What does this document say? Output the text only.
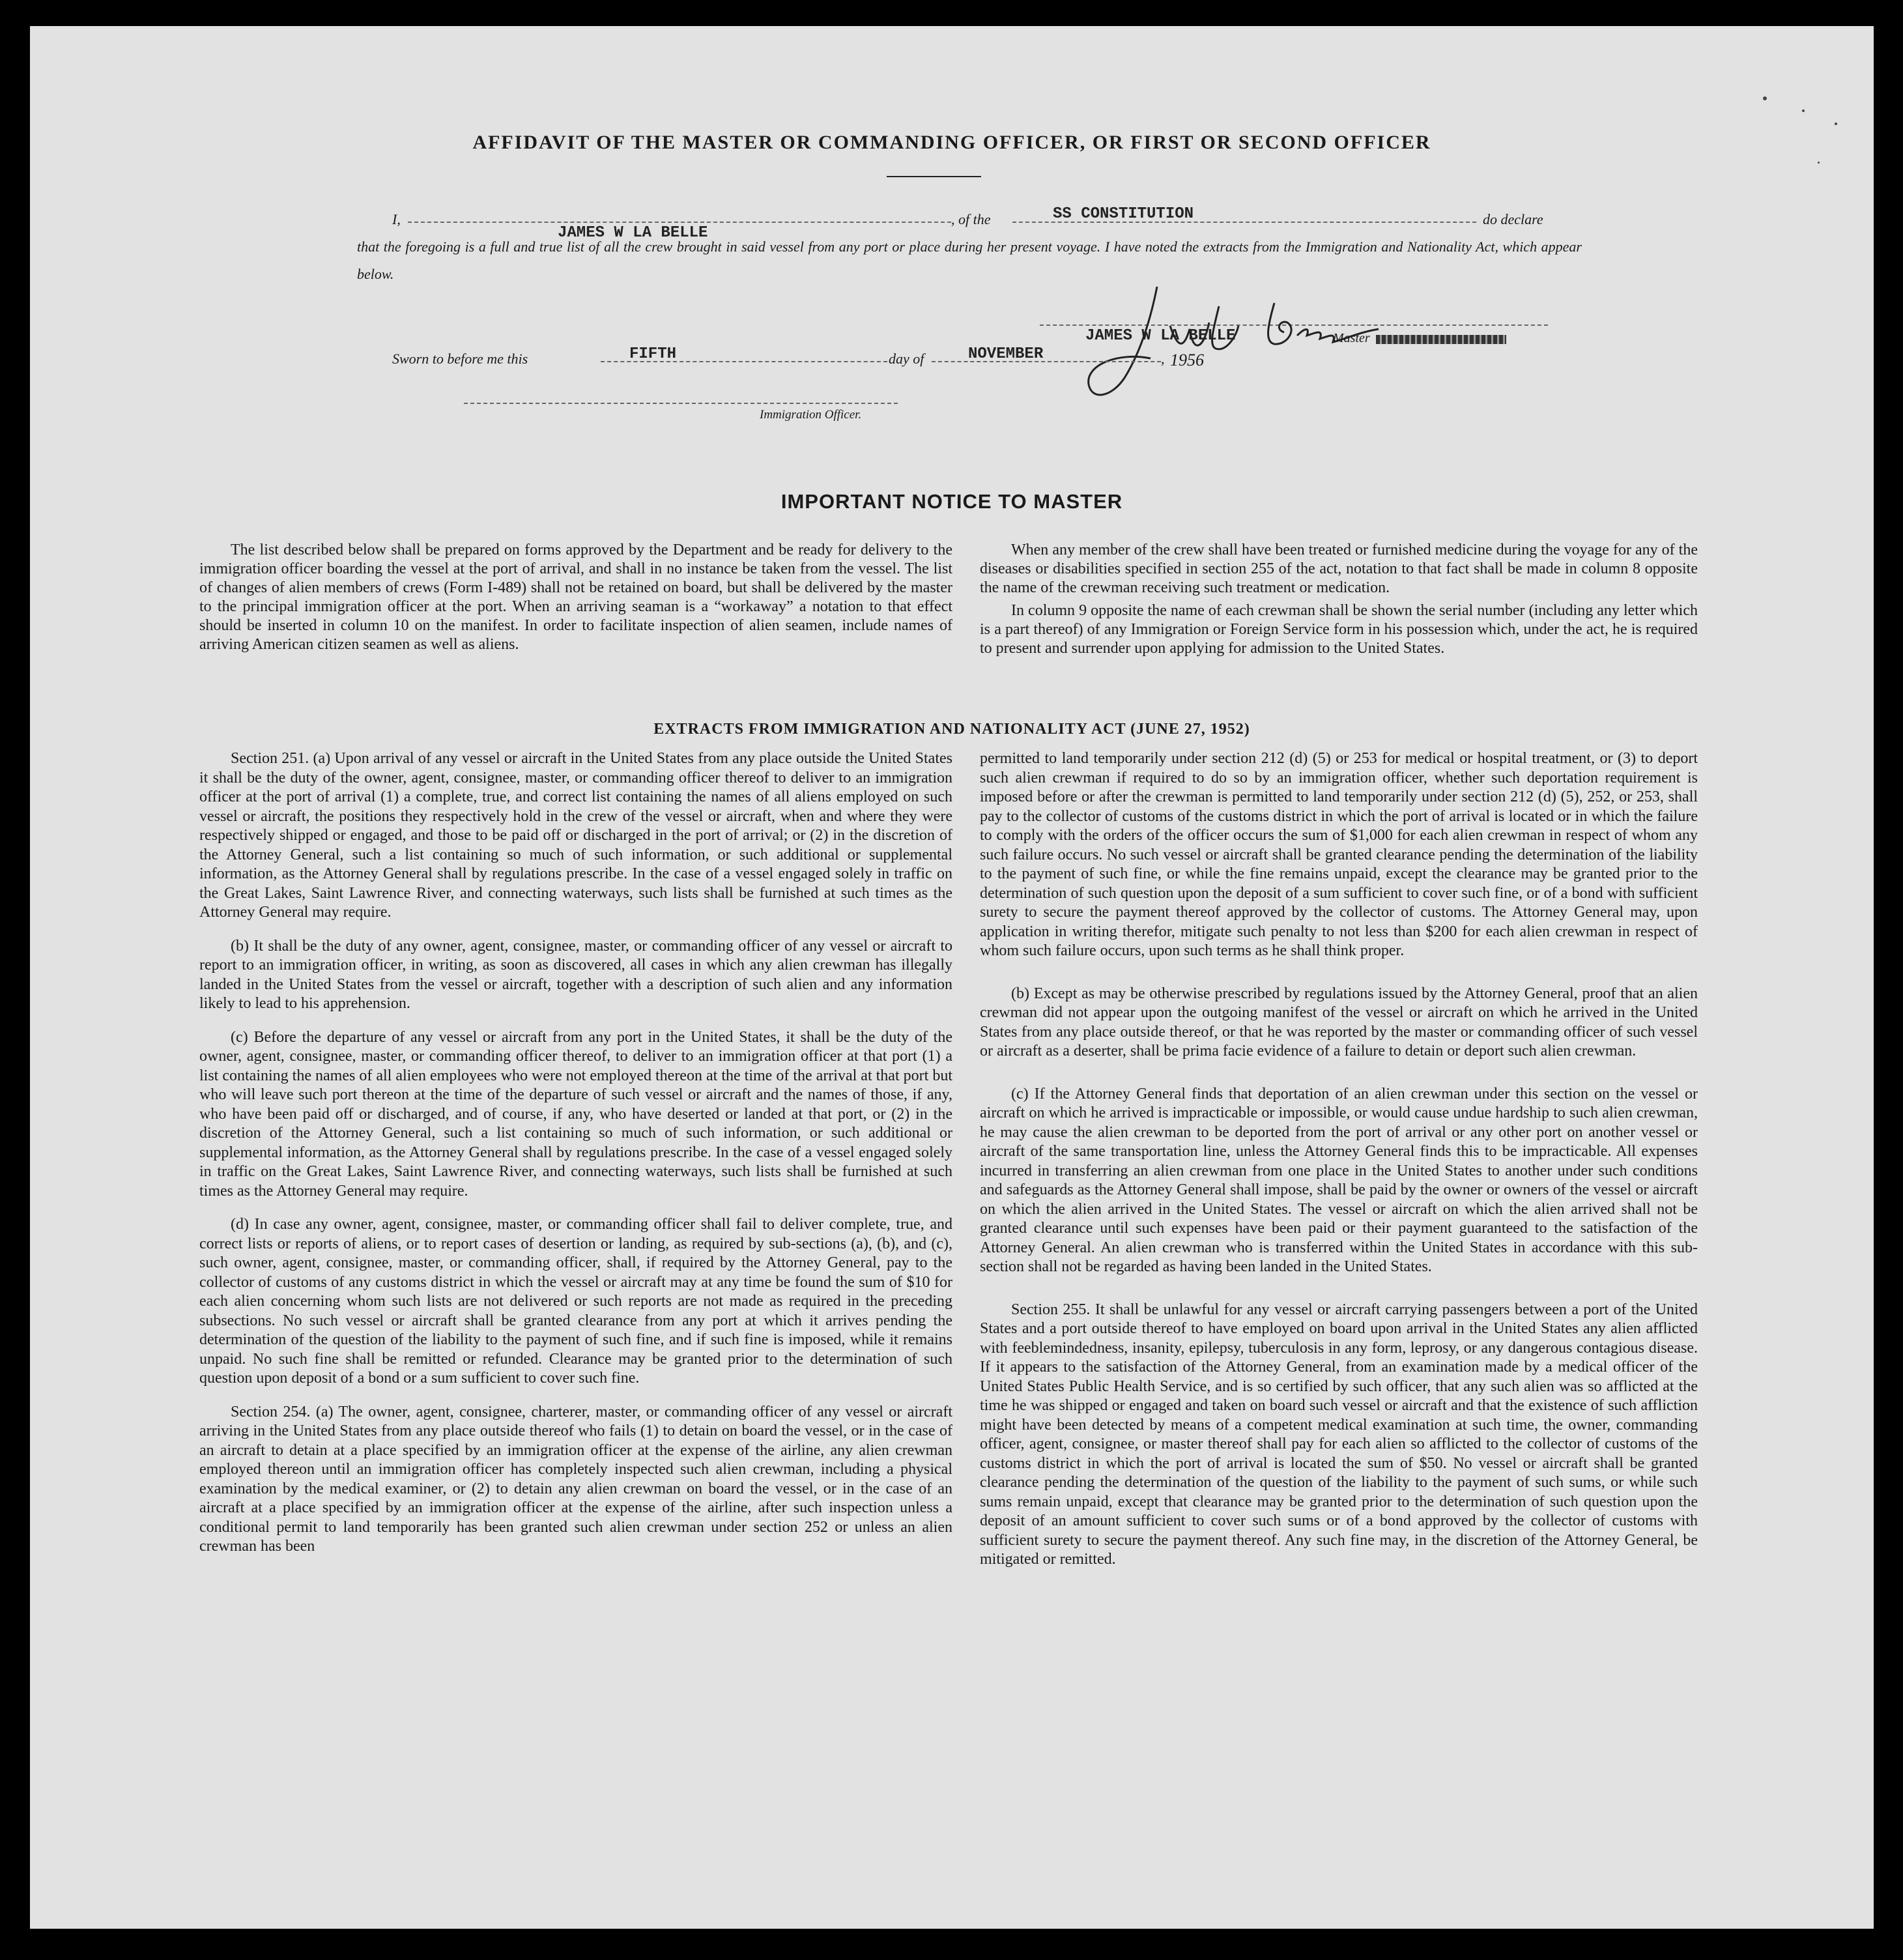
AFFIDAVIT OF THE MASTER OR COMMANDING OFFICER, OR FIRST OR SECOND OFFICER
I,	, of the	SS CONSTITUTION	do declare
JAMES W LA BELLE
that the foregoing is a full and true list of all the crew brought in said vessel from any port or place during her present voyage. I have noted the extracts from the Immigration and Nationality Act, which appear below.
JAMES W LA BELLE	Master
Sworn to before me this	FIFTH	day of	NOVEMBER	, 1956
Immigration Officer.
IMPORTANT NOTICE TO MASTER

The list described below shall be prepared on forms approved by the Department and be ready for delivery to the immigration officer boarding the vessel at the port of arrival, and shall in no instance be taken from the vessel. The list of changes of alien members of crews (Form I-489) shall not be retained on board, but shall be delivered by the master to the principal immigration officer at the port. When an arriving seaman is a “workaway” a notation to that effect should be inserted in column 10 on the manifest. In order to facilitate inspection of alien seamen, include names of arriving American citizen seamen as well as aliens.

When any member of the crew shall have been treated or furnished medicine during the voyage for any of the diseases or disabilities specified in section 255 of the act, notation to that fact shall be made in column 8 opposite the name of the crewman receiving such treatment or medication.

In column 9 opposite the name of each crewman shall be shown the serial number (including any letter which is a part thereof) of any Immigration or Foreign Service form in his possession which, under the act, he is required to present and surrender upon applying for admission to the United States.

EXTRACTS FROM IMMIGRATION AND NATIONALITY ACT (JUNE 27, 1952)

Section 251. (a) Upon arrival of any vessel or aircraft in the United States from any place outside the United States it shall be the duty of the owner, agent, consignee, master, or commanding officer thereof to deliver to an immigration officer at the port of arrival (1) a complete, true, and correct list containing the names of all aliens employed on such vessel or aircraft, the positions they respectively hold in the crew of the vessel or aircraft, when and where they were respectively shipped or engaged, and those to be paid off or discharged in the port of arrival; or (2) in the discretion of the Attorney General, such a list containing so much of such information, or such additional or supplemental information, as the Attorney General shall by regulations prescribe. In the case of a vessel engaged solely in traffic on the Great Lakes, Saint Lawrence River, and connecting waterways, such lists shall be furnished at such times as the Attorney General may require.

(b) It shall be the duty of any owner, agent, consignee, master, or commanding officer of any vessel or aircraft to report to an immigration officer, in writing, as soon as discovered, all cases in which any alien crewman has illegally landed in the United States from the vessel or aircraft, together with a description of such alien and any information likely to lead to his apprehension.

(c) Before the departure of any vessel or aircraft from any port in the United States, it shall be the duty of the owner, agent, consignee, master, or commanding officer thereof, to deliver to an immigration officer at that port (1) a list containing the names of all alien employees who were not employed thereon at the time of the arrival at that port but who will leave such port thereon at the time of the departure of such vessel or aircraft and the names of those, if any, who have been paid off or discharged, and of course, if any, who have deserted or landed at that port, or (2) in the discretion of the Attorney General, such a list containing so much of such information, or such additional or supplemental information, as the Attorney General shall by regulations prescribe. In the case of a vessel engaged solely in traffic on the Great Lakes, Saint Lawrence River, and connecting waterways, such lists shall be furnished at such times as the Attorney General may require.

(d) In case any owner, agent, consignee, master, or commanding officer shall fail to deliver complete, true, and correct lists or reports of aliens, or to report cases of desertion or landing, as required by sub-sections (a), (b), and (c), such owner, agent, consignee, master, or commanding officer, shall, if required by the Attorney General, pay to the collector of customs of any customs district in which the vessel or aircraft may at any time be found the sum of $10 for each alien concerning whom such lists are not delivered or such reports are not made as required in the preceding subsections. No such vessel or aircraft shall be granted clearance from any port at which it arrives pending the determination of the question of the liability to the payment of such fine, and if such fine is imposed, while it remains unpaid. No such fine shall be remitted or refunded. Clearance may be granted prior to the determination of such question upon deposit of a bond or a sum sufficient to cover such fine.

Section 254. (a) The owner, agent, consignee, charterer, master, or commanding officer of any vessel or aircraft arriving in the United States from any place outside thereof who fails (1) to detain on board the vessel, or in the case of an aircraft to detain at a place specified by an immigration officer at the expense of the airline, any alien crewman employed thereon until an immigration officer has completely inspected such alien crewman, including a physical examination by the medical examiner, or (2) to detain any alien crewman on board the vessel, or in the case of an aircraft at a place specified by an immigration officer at the expense of the airline, after such inspection unless a conditional permit to land temporarily has been granted such alien crewman under section 252 or unless an alien crewman has been

permitted to land temporarily under section 212 (d) (5) or 253 for medical or hospital treatment, or (3) to deport such alien crewman if required to do so by an immigration officer, whether such deportation requirement is imposed before or after the crewman is permitted to land temporarily under section 212 (d) (5), 252, or 253, shall pay to the collector of customs of the customs district in which the port of arrival is located or in which the failure to comply with the orders of the officer occurs the sum of $1,000 for each alien crewman in respect of whom any such failure occurs. No such vessel or aircraft shall be granted clearance pending the determination of the liability to the payment of such fine, or while the fine remains unpaid, except the clearance may be granted prior to the determination of such question upon the deposit of a sum sufficient to cover such fine, or of a bond with sufficient surety to secure the payment thereof approved by the collector of customs. The Attorney General may, upon application in writing therefor, mitigate such penalty to not less than $200 for each alien crewman in respect of whom such failure occurs, upon such terms as he shall think proper.

(b) Except as may be otherwise prescribed by regulations issued by the Attorney General, proof that an alien crewman did not appear upon the outgoing manifest of the vessel or aircraft on which he arrived in the United States from any place outside thereof, or that he was reported by the master or commanding officer of such vessel or aircraft as a deserter, shall be prima facie evidence of a failure to detain or deport such alien crewman.

(c) If the Attorney General finds that deportation of an alien crewman under this section on the vessel or aircraft on which he arrived is impracticable or impossible, or would cause undue hardship to such alien crewman, he may cause the alien crewman to be deported from the port of arrival or any other port on another vessel or aircraft of the same transportation line, unless the Attorney General finds this to be impracticable. All expenses incurred in transferring an alien crewman from one place in the United States to another under such conditions and safeguards as the Attorney General shall impose, shall be paid by the owner or owners of the vessel or aircraft on which the alien arrived in the United States. The vessel or aircraft on which the alien arrived shall not be granted clearance until such expenses have been paid or their payment guaranteed to the satisfaction of the Attorney General. An alien crewman who is transferred within the United States in accordance with this sub-section shall not be regarded as having been landed in the United States.

Section 255. It shall be unlawful for any vessel or aircraft carrying passengers between a port of the United States and a port outside thereof to have employed on board upon arrival in the United States any alien afflicted with feeblemindedness, insanity, epilepsy, tuberculosis in any form, leprosy, or any dangerous contagious disease. If it appears to the satisfaction of the Attorney General, from an examination made by a medical officer of the United States Public Health Service, and is so certified by such officer, that any such alien was so afflicted at the time he was shipped or engaged and taken on board such vessel or aircraft and that the existence of such affliction might have been detected by means of a competent medical examination at such time, the owner, commanding officer, agent, consignee, or master thereof shall pay for each alien so afflicted to the collector of customs of the customs district in which the port of arrival is located the sum of $50. No vessel or aircraft shall be granted clearance pending the determination of the question of the liability to the payment of such sums, or while such sums remain unpaid, except that clearance may be granted prior to the determination of such question upon the deposit of an amount sufficient to cover such sums or of a bond approved by the collector of customs with sufficient surety to secure the payment thereof. Any such fine may, in the discretion of the Attorney General, be mitigated or remitted.
